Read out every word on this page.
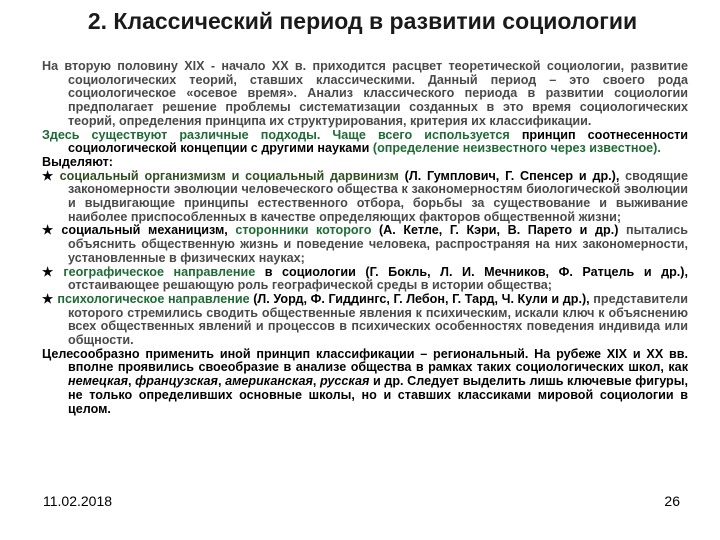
2. Классический период в развитии социологии

На вторую половину XIX - начало XX в. приходится расцвет теоретической социологии, развитие социологических теорий, ставших классическими. Данный период – это своего рода социологическое «осевое время». Анализ классического периода в развитии социологии предполагает решение проблемы систематизации созданных в это время социологических теорий, определения принципа их структурирования, критерия их классификации.

Здесь существуют различные подходы. Чаще всего используется принцип соотнесенности социологической концепции с другими науками (определение неизвестного через известное).

Выделяют:

★ социальный организмизм и социальный дарвинизм (Л. Гумплович, Г. Спенсер и др.), сводящие закономерности эволюции человеческого общества к закономерностям биологической эволюции и выдвигающие принципы естественного отбора, борьбы за существование и выживание наиболее приспособленных в качестве определяющих факторов общественной жизни;

★ социальный механицизм, сторонники которого (А. Кетле, Г. Кэри, В. Парето и др.) пытались объяснить общественную жизнь и поведение человека, распространяя на них закономерности, установленные в физических науках;

★ географическое направление в социологии (Г. Бокль, Л. И. Мечников, Ф. Ратцель и др.), отстаивающее решающую роль географической среды в истории общества;

★ психологическое направление (Л. Уорд, Ф. Гиддингс, Г. Лебон, Г. Тард, Ч. Кули и др.), представители которого стремились сводить общественные явления к психическим, искали ключ к объяснению всех общественных явлений и процессов в психических особенностях поведения индивида или общности.

Целесообразно применить иной принцип классификации – региональный. На рубеже XIX и XX вв. вполне проявились своеобразие в анализе общества в рамках таких социологических школ, как немецкая, французская, американская, русская и др. Следует выделить лишь ключевые фигуры, не только определивших основные школы, но и ставших классиками мировой социологии в целом.

11.02.2018	26
